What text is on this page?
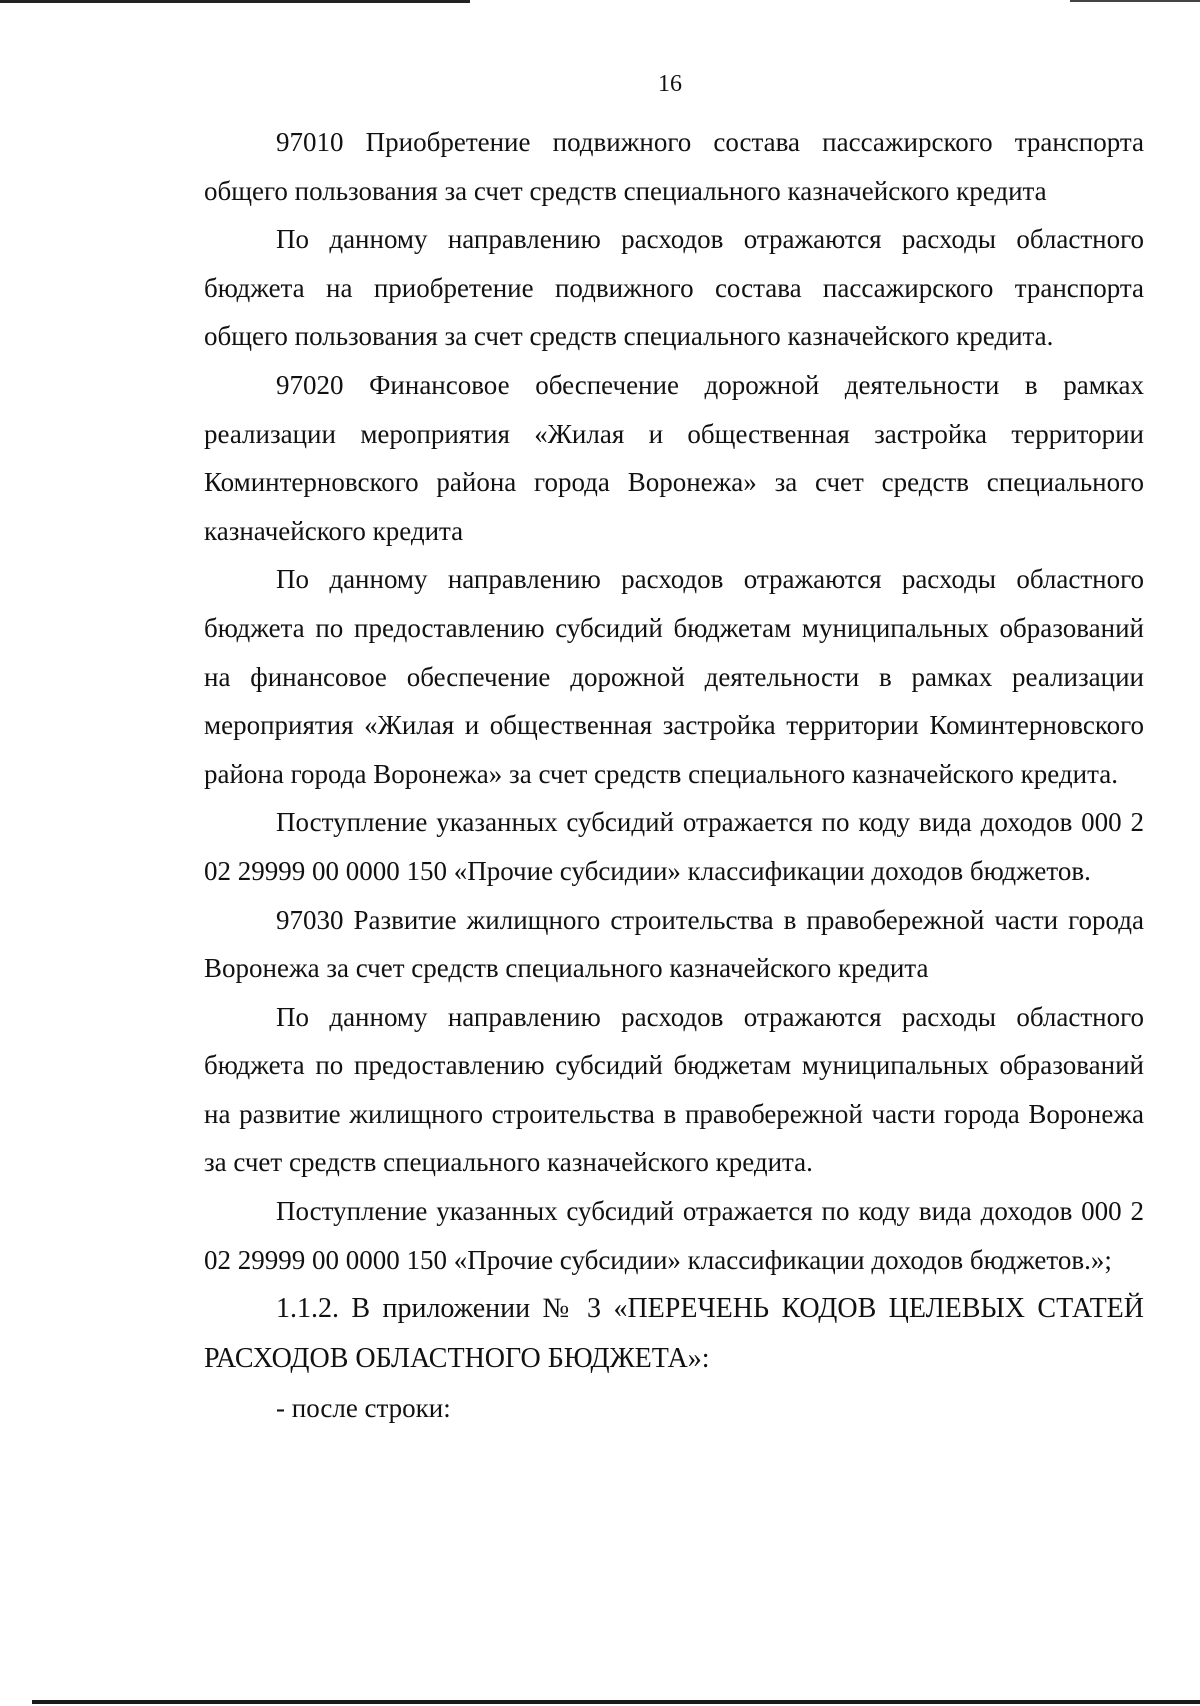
16

97010 Приобретение подвижного состава пассажирского транспорта общего пользования за счет средств специального казначейского кредита

По данному направлению расходов отражаются расходы областного бюджета на приобретение подвижного состава пассажирского транспорта общего пользования за счет средств специального казначейского кредита.

97020 Финансовое обеспечение дорожной деятельности в рамках реализации мероприятия «Жилая и общественная застройка территории Коминтерновского района города Воронежа» за счет средств специального казначейского кредита

По данному направлению расходов отражаются расходы областного бюджета по предоставлению субсидий бюджетам муниципальных образований на финансовое обеспечение дорожной деятельности в рамках реализации мероприятия «Жилая и общественная застройка территории Коминтерновского района города Воронежа» за счет средств специального казначейского кредита.

Поступление указанных субсидий отражается по коду вида доходов 000 2 02 29999 00 0000 150 «Прочие субсидии» классификации доходов бюджетов.

97030 Развитие жилищного строительства в правобережной части города Воронежа за счет средств специального казначейского кредита

По данному направлению расходов отражаются расходы областного бюджета по предоставлению субсидий бюджетам муниципальных образований на развитие жилищного строительства в правобережной части города Воронежа за счет средств специального казначейского кредита.

Поступление указанных субсидий отражается по коду вида доходов 000 2 02 29999 00 0000 150 «Прочие субсидии» классификации доходов бюджетов.»;

1.1.2. В приложении № 3 «ПЕРЕЧЕНЬ КОДОВ ЦЕЛЕВЫХ СТАТЕЙ РАСХОДОВ ОБЛАСТНОГО БЮДЖЕТА»:

- после строки:
